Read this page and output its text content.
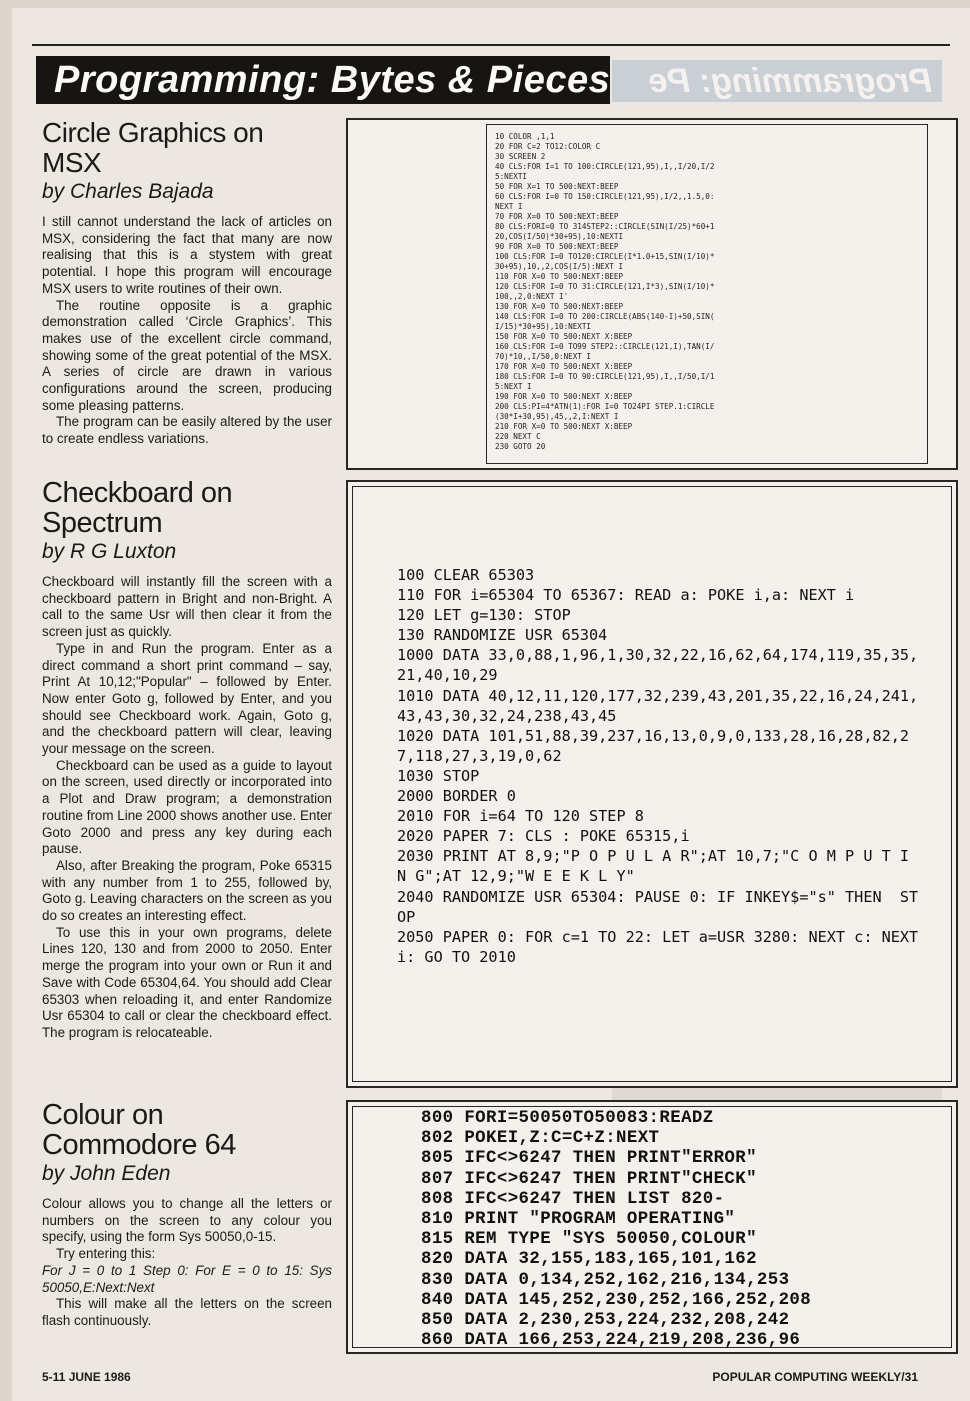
Programming: Bytes & Pieces	Programming: Pe
Circle Graphics on
MSX
by Charles Bajada

I still cannot understand the lack of articles on MSX, considering the fact that many are now realising that this is a stystem with great potential. I hope this program will encourage MSX users to write routines of their own.

The routine opposite is a graphic demonstration called ‘Circle Graphics’. This makes use of the excellent circle command, showing some of the great potential of the MSX. A series of circle are drawn in various configurations around the screen, producing some pleasing patterns.

The program can be easily altered by the user to create endless variations.

10 COLOR ,1,1
20 FOR C=2 TO12:COLOR C
30 SCREEN 2
40 CLS:FOR I=1 TO 100:CIRCLE(121,95),I,,I/20,I/2
5:NEXTI
50 FOR X=1 TO 500:NEXT:BEEP
60 CLS:FOR I=0 TO 150:CIRCLE(121,95),I/2,,1.5,0:
NEXT I
70 FOR X=0 TO 500:NEXT:BEEP
80 CLS:FORI=0 TO 314STEP2::CIRCLE(SIN(I/25)*60+1
20,COS(I/50)*30+95),10:NEXTI
90 FOR X=0 TO 500:NEXT:BEEP
100 CLS:FOR I=0 TO120:CIRCLE(I*1.0+15,SIN(I/10)*
30+95),10,,2,COS(I/5):NEXT I
110 FOR X=0 TO 500:NEXT:BEEP
120 CLS:FOR I=0 TO 31:CIRCLE(121,I*3),SIN(I/10)*
100,,2,0:NEXT I'
130 FOR X=0 TO 500:NEXT:BEEP
140 CLS:FOR I=0 TO 200:CIRCLE(ABS(140-I)+50,SIN(
I/15)*30+95),10:NEXTI
150 FOR X=0 TO 500:NEXT X:BEEP
160 CLS:FOR I=0 TO99 STEP2::CIRCLE(121,I),TAN(I/
70)*10,,I/50,0:NEXT I
170 FOR X=0 TO 500:NEXT X:BEEP
180 CLS:FOR I=0 TO 90:CIRCLE(121,95),I,,I/50,I/1
5:NEXT I
190 FOR X=0 TO 500:NEXT X:BEEP
200 CLS:PI=4*ATN(1):FOR I=0 TO24PI STEP.1:CIRCLE
(30*I+30,95),45,,2,I:NEXT I
210 FOR X=0 TO 500:NEXT X:BEEP
220 NEXT C
230 GOTO 20
Checkboard on
Spectrum
by R G Luxton

Checkboard will instantly fill the screen with a checkboard pattern in Bright and non-Bright. A call to the same Usr will then clear it from the screen just as quickly.

Type in and Run the program. Enter as a direct command a short print command – say, Print At 10,12;"Popular" – followed by Enter. Now enter Goto g, followed by Enter, and you should see Checkboard work. Again, Goto g, and the checkboard pattern will clear, leaving your message on the screen.

Checkboard can be used as a guide to layout on the screen, used directly or incorporated into a Plot and Draw program; a demonstration routine from Line 2000 shows another use. Enter Goto 2000 and press any key during each pause.

Also, after Breaking the program, Poke 65315 with any number from 1 to 255, followed by, Goto g. Leaving characters on the screen as you do so creates an interesting effect.

To use this in your own programs, delete Lines 120, 130 and from 2000 to 2050. Enter merge the program into your own or Run it and Save with Code 65304,64. You should add Clear 65303 when reloading it, and enter Randomize Usr 65304 to call or clear the checkboard effect. The program is relocateable.

100 CLEAR 65303
110 FOR i=65304 TO 65367: READ a: POKE i,a: NEXT i
120 LET g=130: STOP
130 RANDOMIZE USR 65304
1000 DATA 33,0,88,1,96,1,30,32,22,16,62,64,174,119,35,35,21,40,10,29
1010 DATA 40,12,11,120,177,32,239,43,201,35,22,16,24,241,43,43,30,32,24,238,43,45
1020 DATA 101,51,88,39,237,16,13,0,9,0,133,28,16,28,82,27,118,27,3,19,0,62
1030 STOP
2000 BORDER 0
2010 FOR i=64 TO 120 STEP 8
2020 PAPER 7: CLS : POKE 65315,i
2030 PRINT AT 8,9;"P O P U L A R";AT 10,7;"C O M P U T I N G";AT 12,9;"W E E K L Y"
2040 RANDOMIZE USR 65304: PAUSE 0: IF INKEY$="s" THEN  STOP
2050 PAPER 0: FOR c=1 TO 22: LET a=USR 3280: NEXT c: NEXT i: GO TO 2010
Colour on
Commodore 64
by John Eden

Colour allows you to change all the letters or numbers on the screen to any colour you specify, using the form Sys 50050,0-15.

Try entering this:

For J = 0 to 1 Step 0: For E = 0 to 15: Sys 50050,E:Next:Next

This will make all the letters on the screen flash continuously.

800 FORI=50050TO50083:READZ
802 POKEI,Z:C=C+Z:NEXT
805 IFC<>6247 THEN PRINT"ERROR"
807 IFC<>6247 THEN PRINT"CHECK"
808 IFC<>6247 THEN LIST 820-
810 PRINT "PROGRAM OPERATING"
815 REM TYPE "SYS 50050,COLOUR"
820 DATA 32,155,183,165,101,162
830 DATA 0,134,252,162,216,134,253
840 DATA 145,252,230,252,166,252,208
850 DATA 2,230,253,224,232,208,242
860 DATA 166,253,224,219,208,236,96
5-11 JUNE 1986	POPULAR COMPUTING WEEKLY/31
